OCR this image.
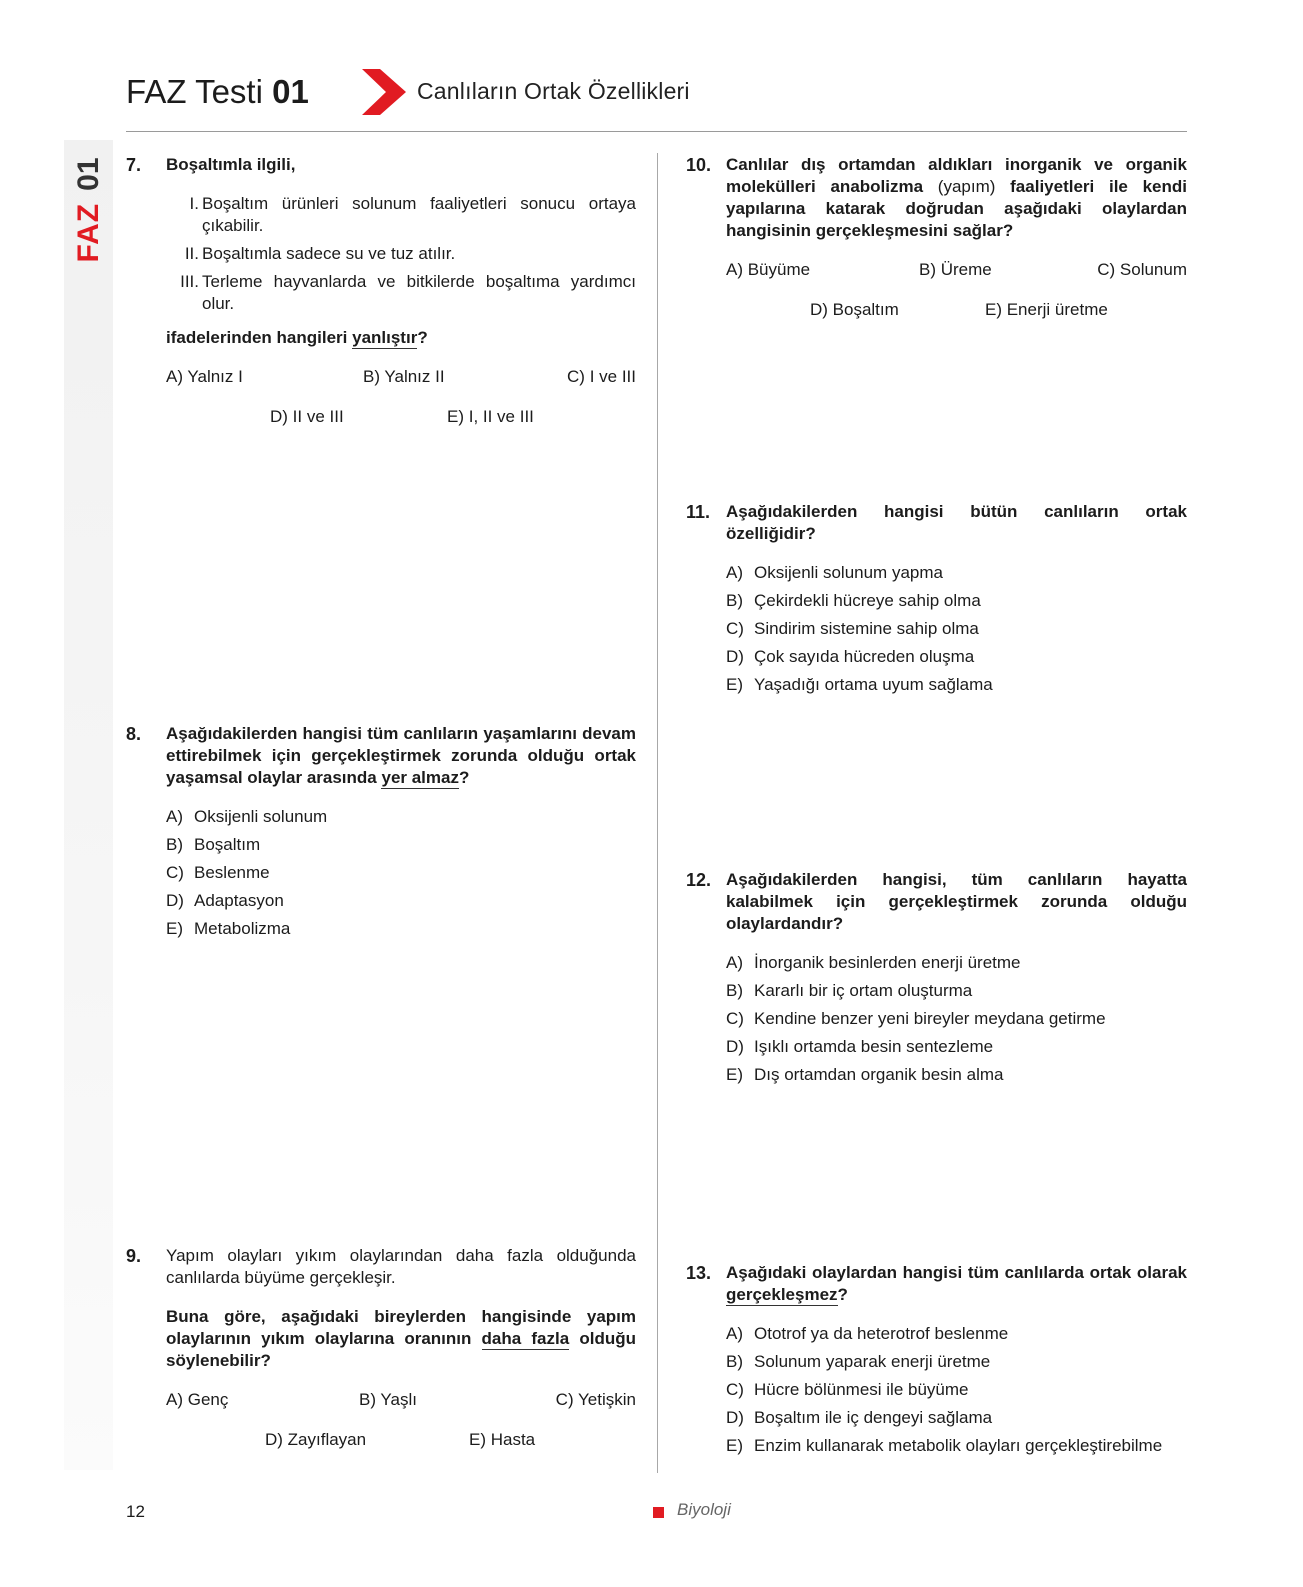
FAZ Testi 01	Canlıların Ortak Özellikleri
FAZ01 7. Boşaltımla ilgili,

I. Boşaltım ürünleri solunum faaliyetleri sonucu ortaya çıkabilir.
II. Boşaltımla sadece su ve tuz atılır.
III. Terleme hayvanlarda ve bitkilerde boşaltıma yardımcı olur.

ifadelerinden hangileri yanlıştır?

A) Yalnız I	B) Yalnız II	C) I ve III
D) II ve III	E) I, II ve III
8. Aşağıdakilerden hangisi tüm canlıların yaşamlarını devam ettirebilmek için gerçekleştirmek zorunda olduğu ortak yaşamsal olaylar arasında yer almaz?

A) Oksijenli solunum
B) Boşaltım
C) Beslenme
D) Adaptasyon
E) Metabolizma
9. Yapım olayları yıkım olaylarından daha fazla olduğunda canlılarda büyüme gerçekleşir.

Buna göre, aşağıdaki bireylerden hangisinde yapım olaylarının yıkım olaylarına oranının daha fazla olduğu söylenebilir?

A) Genç	B) Yaşlı	C) Yetişkin
D) Zayıflayan	E) Hasta
10. Canlılar dış ortamdan aldıkları inorganik ve organik molekülleri anabolizma (yapım) faaliyetleri ile kendi yapılarına katarak doğrudan aşağıdaki olaylardan hangisinin gerçekleşmesini sağlar?

A) Büyüme	B) Üreme	C) Solunum
D) Boşaltım	E) Enerji üretme
11. Aşağıdakilerden hangisi bütün canlıların ortak özelliğidir?

A) Oksijenli solunum yapma
B) Çekirdekli hücreye sahip olma
C) Sindirim sistemine sahip olma
D) Çok sayıda hücreden oluşma
E) Yaşadığı ortama uyum sağlama
12. Aşağıdakilerden hangisi, tüm canlıların hayatta kalabilmek için gerçekleştirmek zorunda olduğu olaylardandır?

A) İnorganik besinlerden enerji üretme
B) Kararlı bir iç ortam oluşturma
C) Kendine benzer yeni bireyler meydana getirme
D) Işıklı ortamda besin sentezleme
E) Dış ortamdan organik besin alma
13. Aşağıdaki olaylardan hangisi tüm canlılarda ortak olarak gerçekleşmez?

A) Ototrof ya da heterotrof beslenme
B) Solunum yaparak enerji üretme
C) Hücre bölünmesi ile büyüme
D) Boşaltım ile iç dengeyi sağlama
E) Enzim kullanarak metabolik olayları gerçekleştirebilme
12	Biyoloji
